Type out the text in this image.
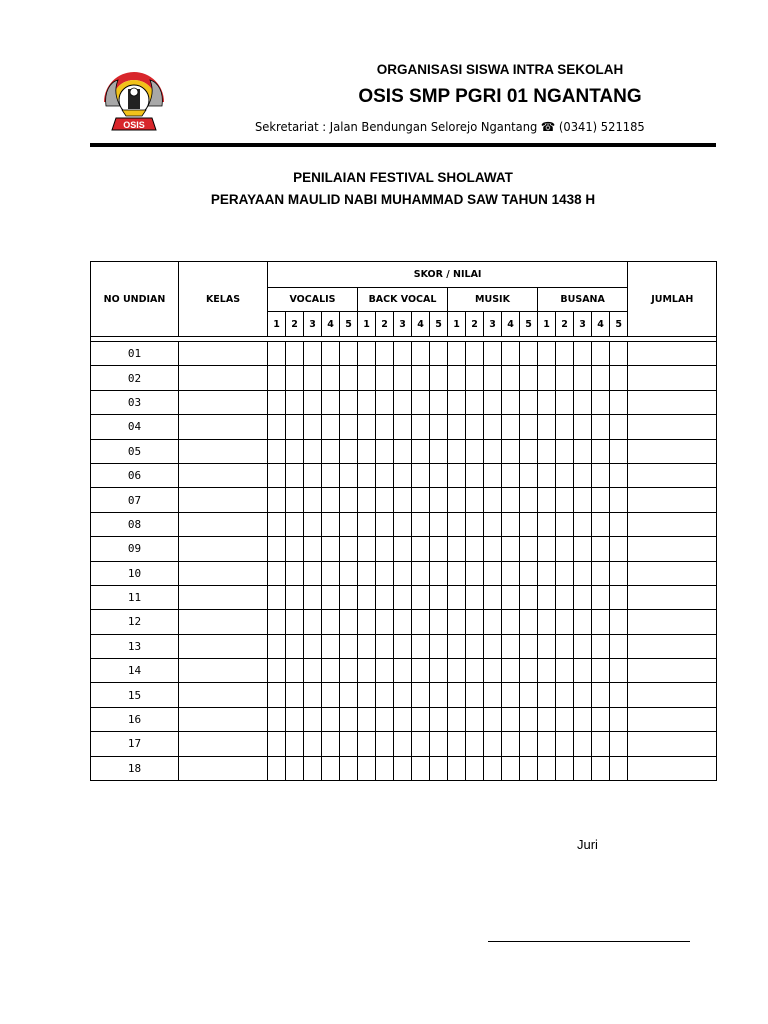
OSIS
ORGANISASI SISWA INTRA SEKOLAH
OSIS SMP PGRI 01 NGANTANG
Sekretariat : Jalan Bendungan Selorejo Ngantang ☎ (0341) 521185
PENILAIAN FESTIVAL SHOLAWAT
PERAYAAN MAULID NABI MUHAMMAD SAW TAHUN 1438 H
NO UNDIAN	KELAS	SKOR / NILAI																				JUMLAH
		VOCALIS					BACK VOCAL					MUSIK					BUSANA					
		1	2	3	4	5	1	2	3	4	5	1	2	3	4	5	1	2	3	4	5	

01																						
02																						
03																						
04																						
05																						
06																						
07																						
08																						
09																						
10																						
11																						
12																						
13																						
14																						
15																						
16																						
17																						
18																						
Juri
